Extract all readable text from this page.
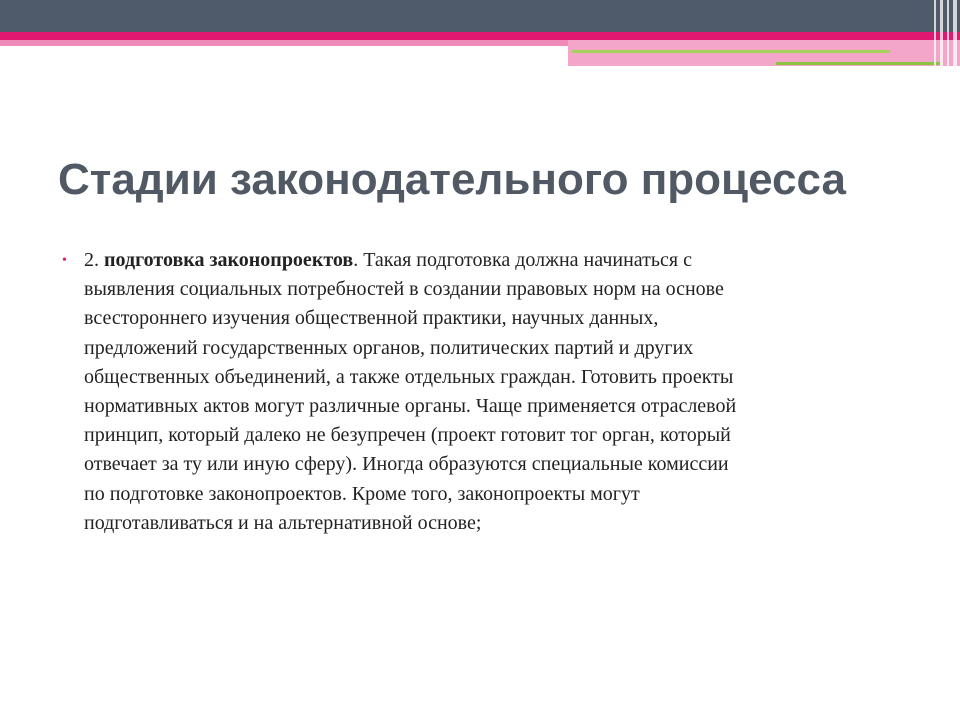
Стадии законодательного процесса
• 2. подготовка законопроектов. Такая подготовка должна начинаться с
выявления социальных потребностей в создании правовых норм на основе
всестороннего изучения общественной практики, научных данных,
предложений государственных органов, политических партий и других
общественных объединений, а также отдельных граждан. Готовить проекты
нормативных актов могут различные органы. Чаще применяется отраслевой
принцип, который далеко не безупречен (проект готовит тог орган, который
отвечает за ту или иную сферу). Иногда образуются специальные комиссии
по подготовке законопроектов. Кроме того, законопроекты могут
подготавливаться и на альтернативной основе;
